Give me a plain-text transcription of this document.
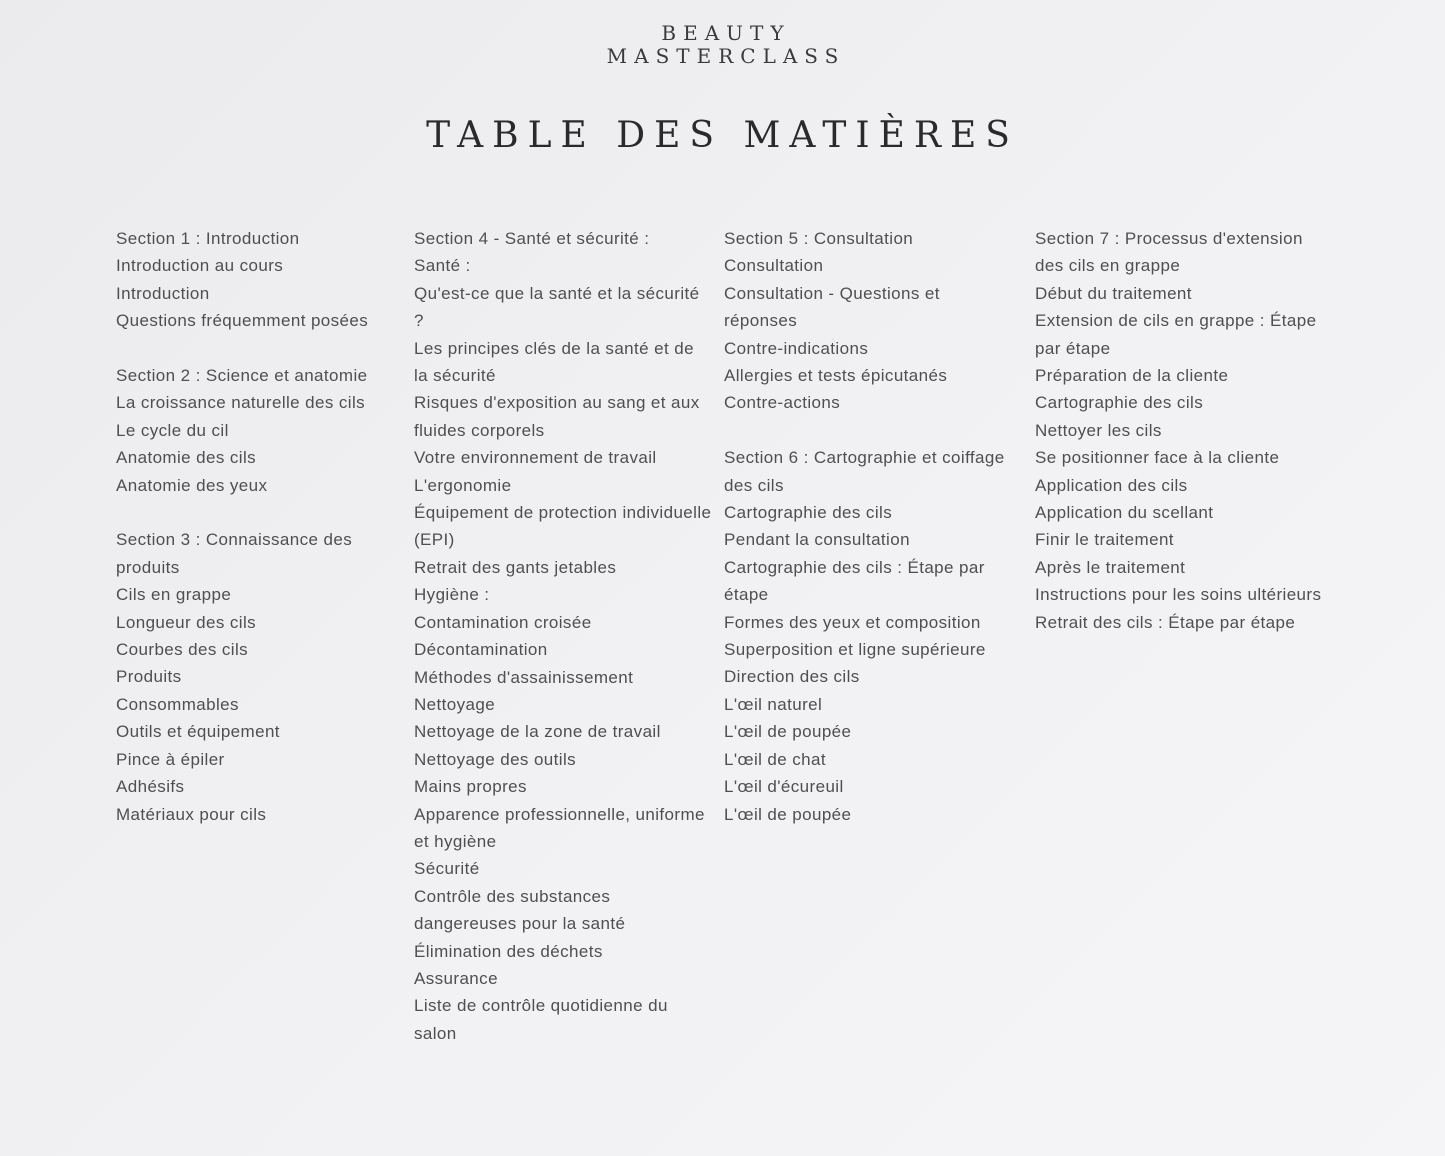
BEAUTY
MASTERCLASS
TABLE DES MATIÈRES
Section 1 : Introduction
Introduction au cours
Introduction
Questions fréquemment posées
Section 2 : Science et anatomie
La croissance naturelle des cils
Le cycle du cil
Anatomie des cils
Anatomie des yeux
Section 3 : Connaissance des produits
Cils en grappe
Longueur des cils
Courbes des cils
Produits
Consommables
Outils et équipement
Pince à épiler
Adhésifs
Matériaux pour cils
Section 4 - Santé et sécurité :
Santé :
Qu'est-ce que la santé et la sécurité ?
Les principes clés de la santé et de la sécurité
Risques d'exposition au sang et aux fluides corporels
Votre environnement de travail
L'ergonomie
Équipement de protection individuelle (EPI)
Retrait des gants jetables
Hygiène :
Contamination croisée
Décontamination
Méthodes d'assainissement
Nettoyage
Nettoyage de la zone de travail
Nettoyage des outils
Mains propres
Apparence professionnelle, uniforme et hygiène
Sécurité
Contrôle des substances dangereuses pour la santé
Élimination des déchets
Assurance
Liste de contrôle quotidienne du salon
Section 5 : Consultation
Consultation
Consultation - Questions et réponses
Contre-indications
Allergies et tests épicutanés
Contre-actions
Section 6 : Cartographie et coiffage des cils
Cartographie des cils
Pendant la consultation
Cartographie des cils : Étape par étape
Formes des yeux et composition
Superposition et ligne supérieure
Direction des cils
L'œil naturel
L'œil de poupée
L'œil de chat
L'œil d'écureuil
L'œil de poupée
Section 7 : Processus d'extension des cils en grappe
Début du traitement
Extension de cils en grappe : Étape par étape
Préparation de la cliente
Cartographie des cils
Nettoyer les cils
Se positionner face à la cliente
Application des cils
Application du scellant
Finir le traitement
Après le traitement
Instructions pour les soins ultérieurs
Retrait des cils : Étape par étape
